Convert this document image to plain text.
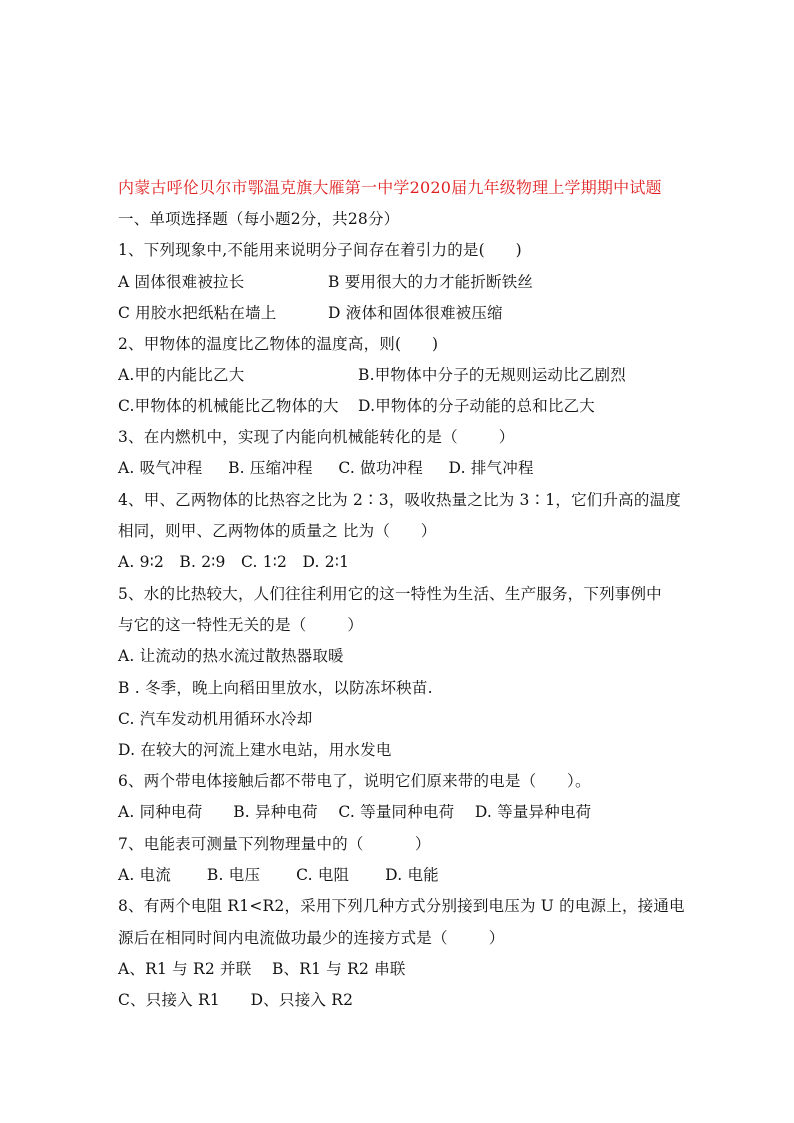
内蒙古呼伦贝尔市鄂温克旗大雁第一中学2020届九年级物理上学期期中试题
一、单项选择题（每小题2分，共28分）
1、下列现象中,不能用来说明分子间存在着引力的是(      )
A 固体很难被拉长	B 要用很大的力才能折断铁丝
C 用胶水把纸粘在墙上	D 液体和固体很难被压缩
2、甲物体的温度比乙物体的温度高，则(      )
A.甲的内能比乙大	B.甲物体中分子的无规则运动比乙剧烈
C.甲物体的机械能比乙物体的大 D.甲物体的分子动能的总和比乙大
3、在内燃机中，实现了内能向机械能转化的是（        ）
A. 吸气冲程     B. 压缩冲程     C. 做功冲程     D. 排气冲程
4、甲、乙两物体的比热容之比为 2∶3，吸收热量之比为 3∶1，它们升高的温度
相同，则甲、乙两物体的质量之 比为（      ）
A. 9∶2   B. 2∶9   C. 1∶2   D. 2∶1
5、水的比热较大，人们往往利用它的这一特性为生活、生产服务，下列事例中
与它的这一特性无关的是（        ）
A. 让流动的热水流过散热器取暖
B . 冬季，晚上向稻田里放水，以防冻坏秧苗.
C. 汽车发动机用循环水冷却
D. 在较大的河流上建水电站，用水发电
6、两个带电体接触后都不带电了，说明它们原来带的电是（      ）。
A. 同种电荷      B. 异种电荷    C. 等量同种电荷    D. 等量异种电荷
7、电能表可测量下列物理量中的（          ）
A. 电流       B. 电压       C. 电阻       D. 电能
8、有两个电阻 R1<R2，采用下列几种方式分别接到电压为 U 的电源上，接通电
源后在相同时间内电流做功最少的连接方式是（        ）
A、R1 与 R2 并联    B、R1 与 R2 串联
C、只接入 R1      D、只接入 R2
